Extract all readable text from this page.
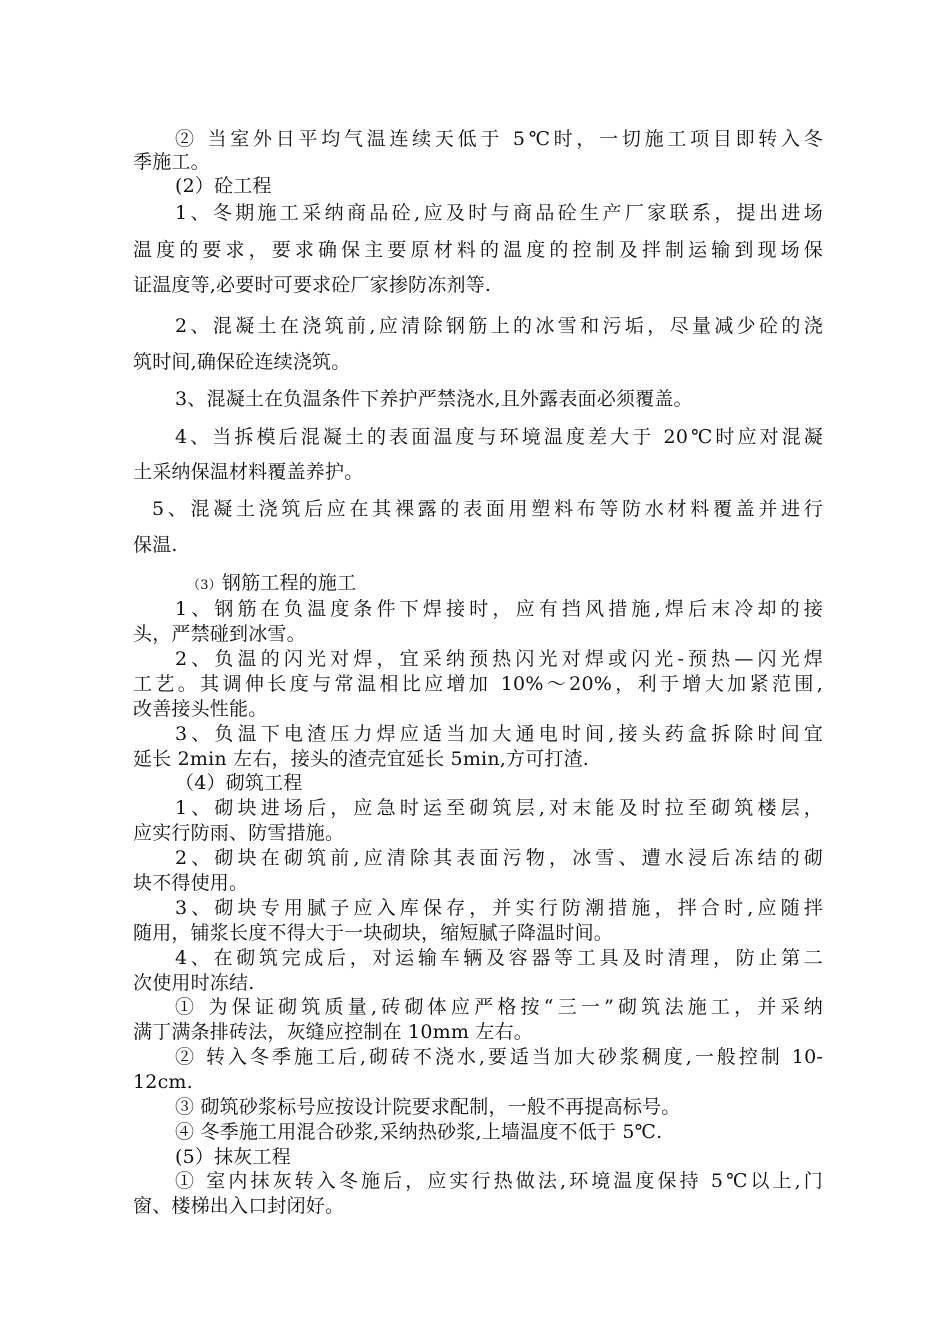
② 当室外日平均气温连续天低于 5℃时，一切施工项目即转入冬
季施工。
(2）砼工程
1、冬期施工采纳商品砼,应及时与商品砼生产厂家联系，提出进场
温度的要求，要求确保主要原材料的温度的控制及拌制运输到现场保
证温度等,必要时可要求砼厂家掺防冻剂等.
2、混凝土在浇筑前,应清除钢筋上的冰雪和污垢，尽量减少砼的浇
筑时间,确保砼连续浇筑。
3、混凝土在负温条件下养护严禁浇水,且外露表面必须覆盖。
4、当拆模后混凝土的表面温度与环境温度差大于 20℃时应对混凝
土采纳保温材料覆盖养护。
5、混凝土浇筑后应在其裸露的表面用塑料布等防水材料覆盖并进行
保温.
（3）钢筋工程的施工
1、钢筋在负温度条件下焊接时，应有挡风措施,焊后末冷却的接
头，严禁碰到冰雪。
2、负温的闪光对焊，宜采纳预热闪光对焊或闪光-预热—闪光焊
工艺。其调伸长度与常温相比应增加 10%～20%，利于增大加紧范围,
改善接头性能。
3、负温下电渣压力焊应适当加大通电时间,接头药盒拆除时间宜
延长 2min 左右，接头的渣壳宜延长 5min,方可打渣.
（4）砌筑工程
1、砌块进场后，应急时运至砌筑层,对末能及时拉至砌筑楼层，
应实行防雨、防雪措施。
2、砌块在砌筑前,应清除其表面污物，冰雪、遭水浸后冻结的砌
块不得使用。
3、砌块专用腻子应入库保存，并实行防潮措施，拌合时,应随拌
随用，铺浆长度不得大于一块砌块，缩短腻子降温时间。
4、在砌筑完成后，对运输车辆及容器等工具及时清理，防止第二
次使用时冻结.
① 为保证砌筑质量,砖砌体应严格按“三一”砌筑法施工，并采纳
满丁满条排砖法，灰缝应控制在 10mm 左右。
② 转入冬季施工后,砌砖不浇水,要适当加大砂浆稠度,一般控制 10-
12cm.
③ 砌筑砂浆标号应按设计院要求配制，一般不再提高标号。
④ 冬季施工用混合砂浆,采纳热砂浆,上墙温度不低于 5℃.
(5）抹灰工程
① 室内抹灰转入冬施后，应实行热做法,环境温度保持 5℃以上,门
窗、楼梯出入口封闭好。
